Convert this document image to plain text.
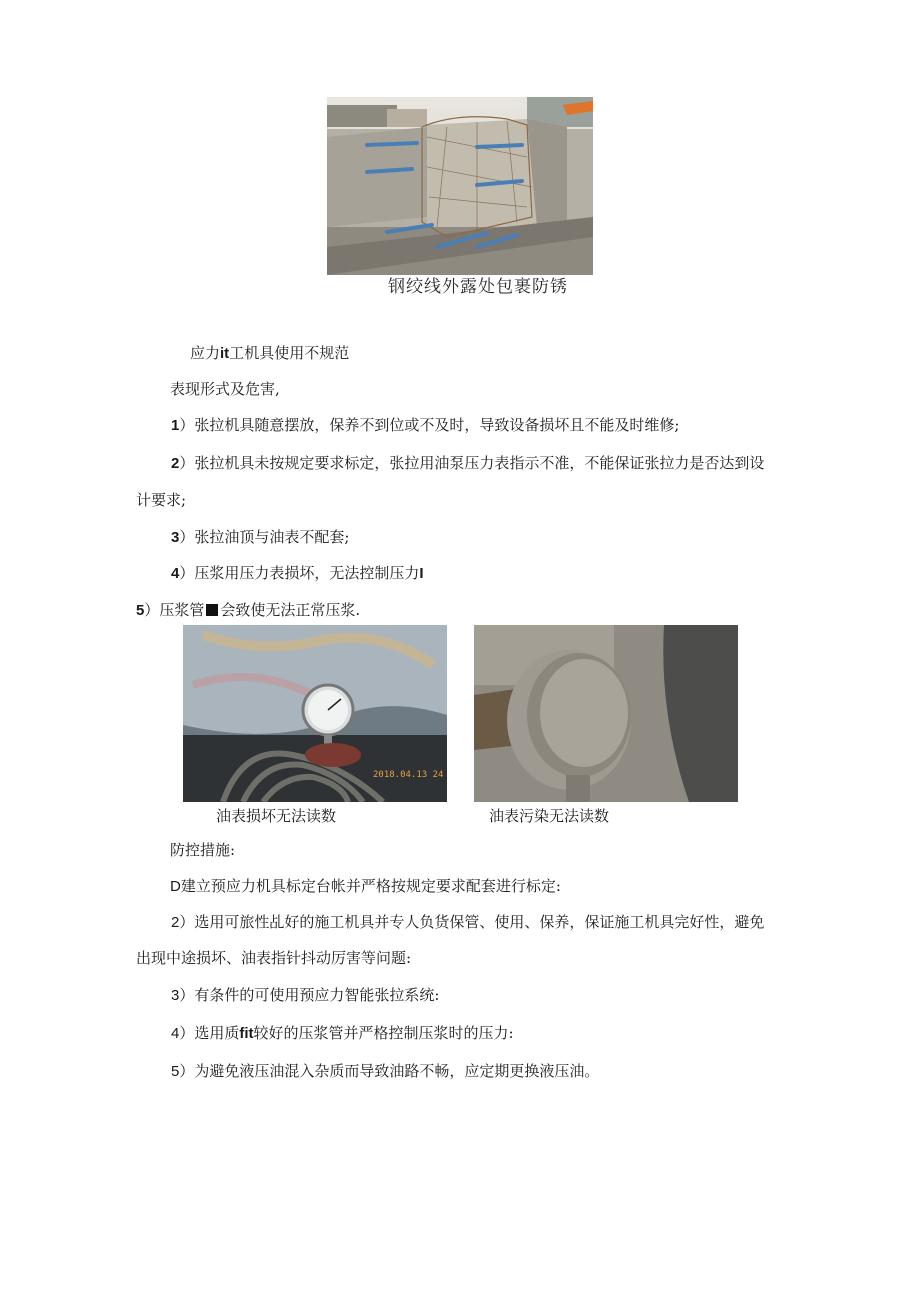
钢绞线外露处包裹防锈
应力it工机具使用不规范
表现形式及危害,
1）张拉机具随意摆放，保养不到位或不及时，导致设备损坏且不能及时维修;
2）张拉机具未按规定要求标定，张拉用油泵压力表指示不准，不能保证张拉力是否达到设
计要求;
3）张拉油顶与油表不配套;
4）压浆用压力表损坏，无法控制压力I
5）压浆管 会致使无法正常压浆.
2018.04.13 24
油表损坏无法读数	油表污染无法读数
防控措施:
D建立预应力机具标定台帐并严格按规定要求配套进行标定:
2）选用可旅性乩好的施工机具并专人负货保管、使用、保养，保证施工机具完好性，避免
出现中途损坏、油表指针抖动厉害等问题:
3）有条件的可使用预应力智能张拉系统:
4）选用质fit较好的压浆管并严格控制压浆时的压力:
5）为避免液压油混入杂质而导致油路不畅，应定期更换液压油。
